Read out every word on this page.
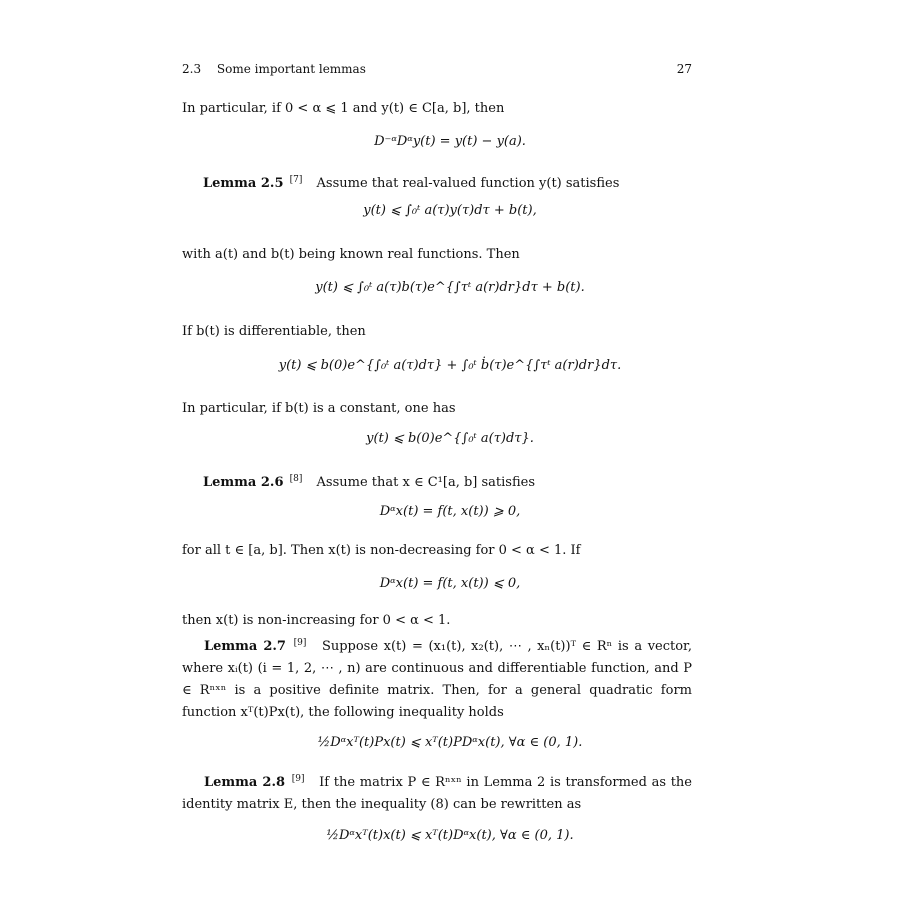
2.3 Some important lemmas	27
In particular, if 0 < α ⩽ 1 and y(t) ∈ C[a, b], then
D⁻ᵅDᵅy(t) = y(t) − y(a).
Lemma 2.5 [7] Assume that real-valued function y(t) satisfies
y(t) ⩽ ∫₀ᵗ a(τ)y(τ)dτ + b(t),
with a(t) and b(t) being known real functions. Then
y(t) ⩽ ∫₀ᵗ a(τ)b(τ)e^{∫τᵗ a(r)dr}dτ + b(t).
If b(t) is differentiable, then
y(t) ⩽ b(0)e^{∫₀ᵗ a(τ)dτ} + ∫₀ᵗ ḃ(τ)e^{∫τᵗ a(r)dr}dτ.
In particular, if b(t) is a constant, one has
y(t) ⩽ b(0)e^{∫₀ᵗ a(τ)dτ}.
Lemma 2.6 [8] Assume that x ∈ C¹[a, b] satisfies
Dᵅx(t) = f(t, x(t)) ⩾ 0,
for all t ∈ [a, b]. Then x(t) is non-decreasing for 0 < α < 1. If
Dᵅx(t) = f(t, x(t)) ⩽ 0,
then x(t) is non-increasing for 0 < α < 1.
Lemma 2.7 [9] Suppose x(t) = (x₁(t), x₂(t), ⋯ , xₙ(t))ᵀ ∈ Rⁿ is a vector, where xᵢ(t) (i = 1, 2, ⋯ , n) are continuous and differentiable function, and P ∈ Rⁿˣⁿ is a positive definite matrix. Then, for a general quadratic form function xᵀ(t)Px(t), the following inequality holds
½Dᵅxᵀ(t)Px(t) ⩽ xᵀ(t)PDᵅx(t), ∀α ∈ (0, 1).
Lemma 2.8 [9] If the matrix P ∈ Rⁿˣⁿ in Lemma 2 is transformed as the identity matrix E, then the inequality (8) can be rewritten as
½Dᵅxᵀ(t)x(t) ⩽ xᵀ(t)Dᵅx(t), ∀α ∈ (0, 1).
